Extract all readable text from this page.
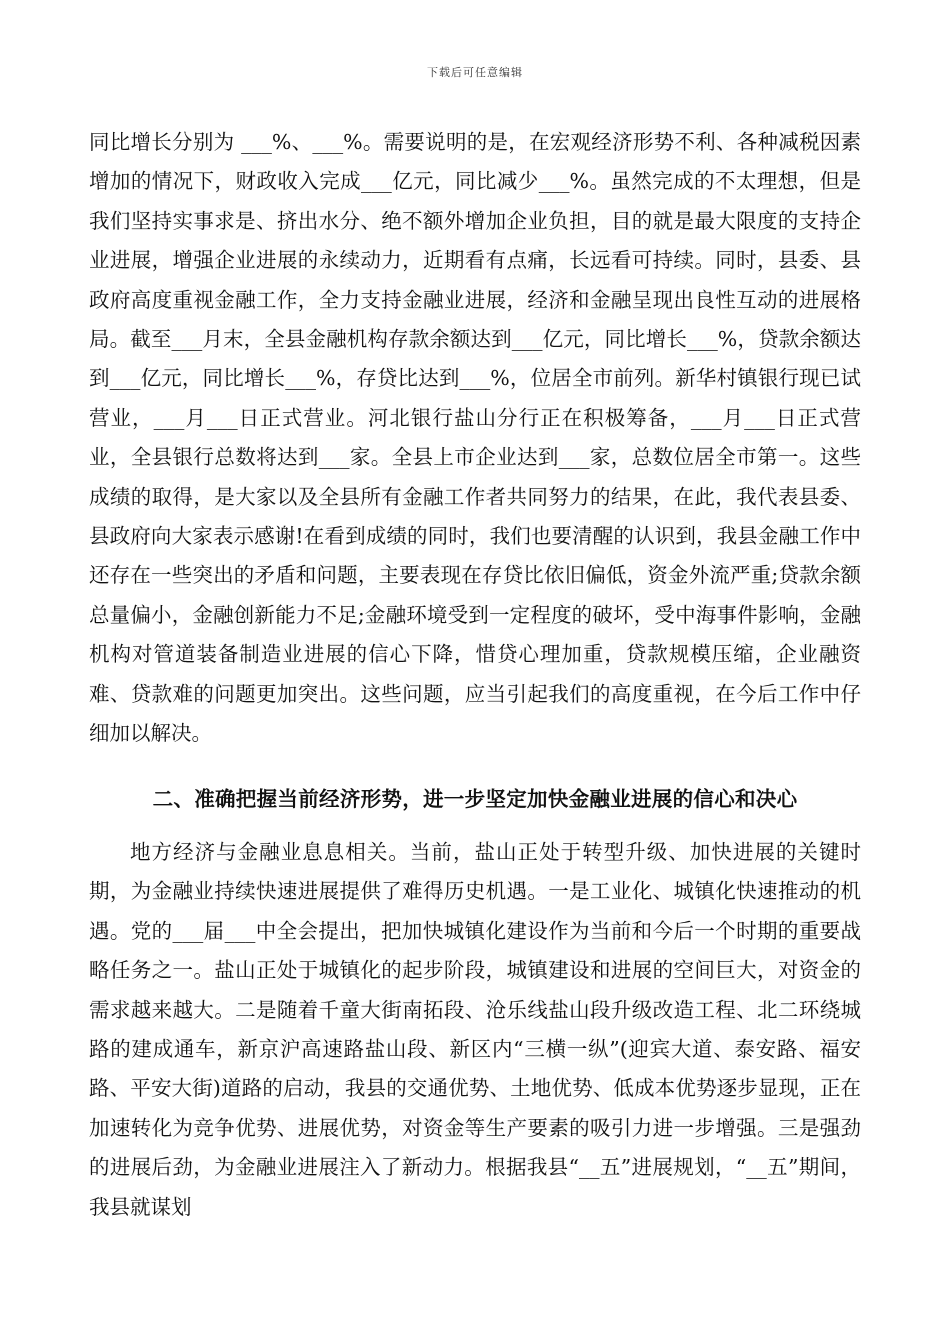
下载后可任意编辑

同比增长分别为 ___%、___%。需要说明的是，在宏观经济形势不利、各种减税因素增加的情况下，财政收入完成___亿元，同比减少___%。虽然完成的不太理想，但是我们坚持实事求是、挤出水分、绝不额外增加企业负担，目的就是最大限度的支持企业进展，增强企业进展的永续动力，近期看有点痛，长远看可持续。同时，县委、县政府高度重视金融工作，全力支持金融业进展，经济和金融呈现出良性互动的进展格局。截至___月末，全县金融机构存款余额达到___亿元，同比增长___%，贷款余额达到___亿元，同比增长___%，存贷比达到___%，位居全市前列。新华村镇银行现已试营业，___月___日正式营业。河北银行盐山分行正在积极筹备，___月___日正式营业，全县银行总数将达到___家。全县上市企业达到___家，总数位居全市第一。这些成绩的取得，是大家以及全县所有金融工作者共同努力的结果，在此，我代表县委、县政府向大家表示感谢!在看到成绩的同时，我们也要清醒的认识到，我县金融工作中还存在一些突出的矛盾和问题，主要表现在存贷比依旧偏低，资金外流严重;贷款余额总量偏小，金融创新能力不足;金融环境受到一定程度的破坏，受中海事件影响，金融机构对管道装备制造业进展的信心下降，惜贷心理加重，贷款规模压缩，企业融资难、贷款难的问题更加突出。这些问题，应当引起我们的高度重视，在今后工作中仔细加以解决。

二、准确把握当前经济形势，进一步坚定加快金融业进展的信心和决心

地方经济与金融业息息相关。当前，盐山正处于转型升级、加快进展的关键时期，为金融业持续快速进展提供了难得历史机遇。一是工业化、城镇化快速推动的机遇。党的___届___中全会提出，把加快城镇化建设作为当前和今后一个时期的重要战略任务之一。盐山正处于城镇化的起步阶段，城镇建设和进展的空间巨大，对资金的需求越来越大。二是随着千童大街南拓段、沧乐线盐山段升级改造工程、北二环绕城路的建成通车，新京沪高速路盐山段、新区内“三横一纵”(迎宾大道、泰安路、福安路、平安大街)道路的启动，我县的交通优势、土地优势、低成本优势逐步显现，正在加速转化为竞争优势、进展优势，对资金等生产要素的吸引力进一步增强。三是强劲的进展后劲，为金融业进展注入了新动力。根据我县“__五”进展规划，“__五”期间，我县就谋划
